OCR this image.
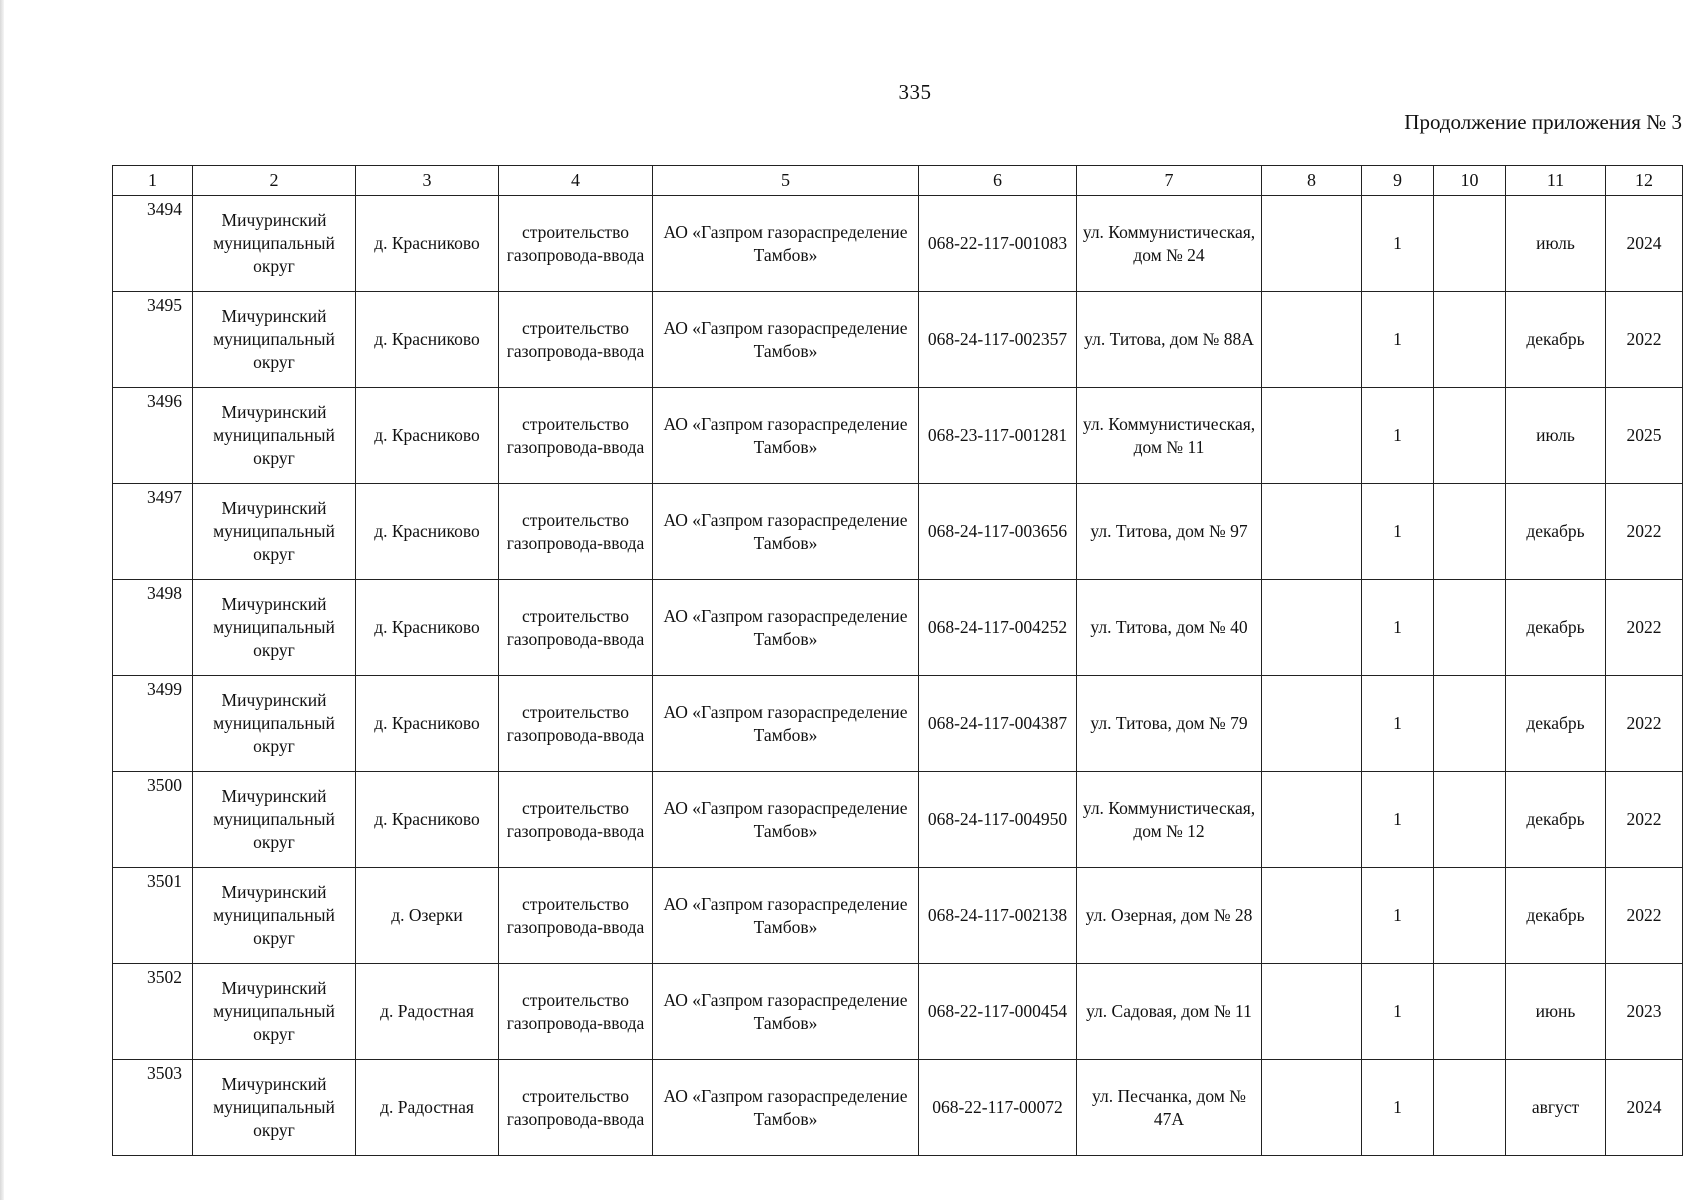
335
Продолжение приложения № 3
1	2	3	4	5	6	7	8	9	10	11	12
3494	Мичуринский муниципальный округ	д. Красниково	строительство газопровода-ввода	АО «Газпром газораспределение Тамбов»	068-22-117-001083	ул. Коммунистическая, дом № 24		1		июль	2024
3495	Мичуринский муниципальный округ	д. Красниково	строительство газопровода-ввода	АО «Газпром газораспределение Тамбов»	068-24-117-002357	ул. Титова, дом № 88А		1		декабрь	2022
3496	Мичуринский муниципальный округ	д. Красниково	строительство газопровода-ввода	АО «Газпром газораспределение Тамбов»	068-23-117-001281	ул. Коммунистическая, дом № 11		1		июль	2025
3497	Мичуринский муниципальный округ	д. Красниково	строительство газопровода-ввода	АО «Газпром газораспределение Тамбов»	068-24-117-003656	ул. Титова, дом № 97		1		декабрь	2022
3498	Мичуринский муниципальный округ	д. Красниково	строительство газопровода-ввода	АО «Газпром газораспределение Тамбов»	068-24-117-004252	ул. Титова, дом № 40		1		декабрь	2022
3499	Мичуринский муниципальный округ	д. Красниково	строительство газопровода-ввода	АО «Газпром газораспределение Тамбов»	068-24-117-004387	ул. Титова, дом № 79		1		декабрь	2022
3500	Мичуринский муниципальный округ	д. Красниково	строительство газопровода-ввода	АО «Газпром газораспределение Тамбов»	068-24-117-004950	ул. Коммунистическая, дом № 12		1		декабрь	2022
3501	Мичуринский муниципальный округ	д. Озерки	строительство газопровода-ввода	АО «Газпром газораспределение Тамбов»	068-24-117-002138	ул. Озерная, дом № 28		1		декабрь	2022
3502	Мичуринский муниципальный округ	д. Радостная	строительство газопровода-ввода	АО «Газпром газораспределение Тамбов»	068-22-117-000454	ул. Садовая, дом № 11		1		июнь	2023
3503	Мичуринский муниципальный округ	д. Радостная	строительство газопровода-ввода	АО «Газпром газораспределение Тамбов»	068-22-117-00072	ул. Песчанка, дом № 47А		1		август	2024
